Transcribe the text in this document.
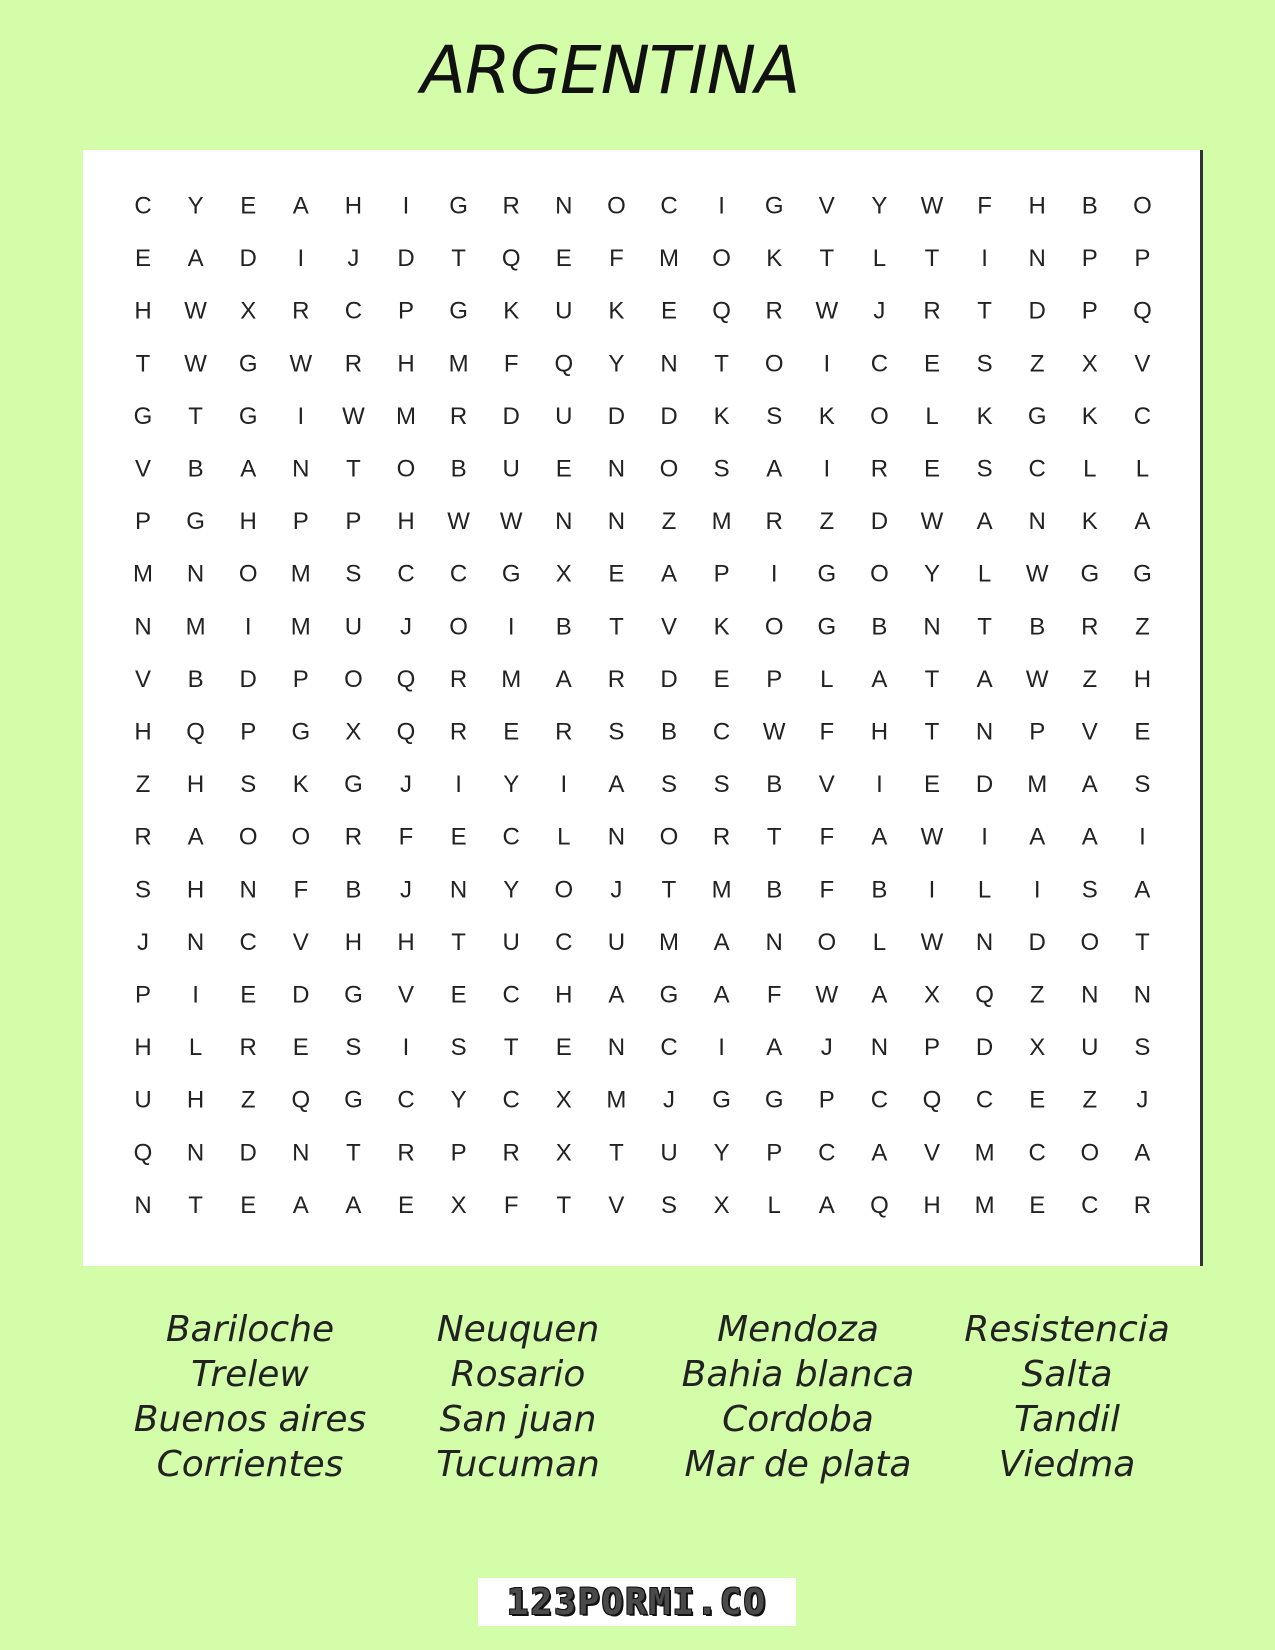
ARGENTINA
C Y E A H I G R N O C I G V Y W F H B O
E A D I J D T Q E F M O K T L T I N P P
H W X R C P G K U K E Q R W J R T D P Q
T W G W R H M F Q Y N T O I C E S Z X V
G T G I W M R D U D D K S K O L K G K C
V B A N T O B U E N O S A I R E S C L L
P G H P P H W W N N Z M R Z D W A N K A
M N O M S C C G X E A P I G O Y L W G G
N M I M U J O I B T V K O G B N T B R Z
V B D P O Q R M A R D E P L A T A W Z H
H Q P G X Q R E R S B C W F H T N P V E
Z H S K G J I Y I A S S B V I E D M A S
R A O O R F E C L N O R T F A W I A A I
S H N F B J N Y O J T M B F B I L I S A
J N C V H H T U C U M A N O L W N D O T
P I E D G V E C H A G A F W A X Q Z N N
H L R E S I S T E N C I A J N P D X U S
U H Z Q G C Y C X M J G G P C Q C E Z J
Q N D N T R P R X T U Y P C A V M C O A
N T E A A E X F T V S X L A Q H M E C R
Bariloche
Trelew
Buenos aires
Corrientes
Neuquen
Rosario
San juan
Tucuman
Mendoza
Bahia blanca
Cordoba
Mar de plata
Resistencia
Salta
Tandil
Viedma
123PORMI.CO
